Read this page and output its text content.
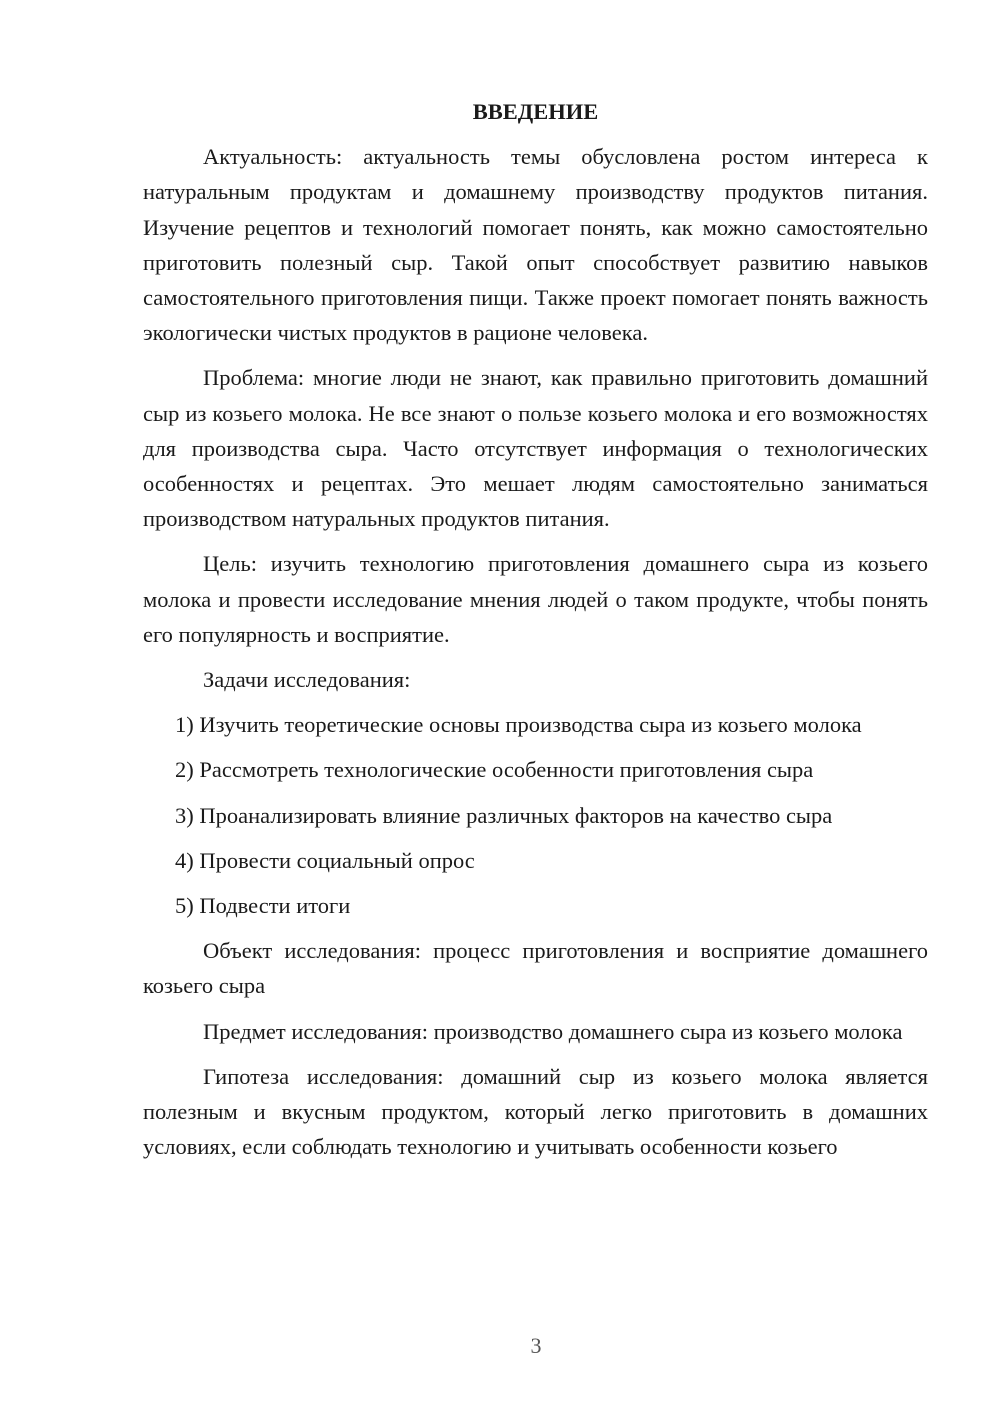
ВВЕДЕНИЕ

Актуальность: актуальность темы обусловлена ростом интереса к натуральным продуктам и домашнему производству продуктов питания. Изучение рецептов и технологий помогает понять, как можно самостоятельно приготовить полезный сыр. Такой опыт способствует развитию навыков самостоятельного приготовления пищи. Также проект помогает понять важность экологически чистых продуктов в рационе человека.

Проблема: многие люди не знают, как правильно приготовить домашний сыр из козьего молока. Не все знают о пользе козьего молока и его возможностях для производства сыра. Часто отсутствует информация о технологических особенностях и рецептах. Это мешает людям самостоятельно заниматься производством натуральных продуктов питания.

Цель: изучить технологию приготовления домашнего сыра из козьего молока и провести исследование мнения людей о таком продукте, чтобы понять его популярность и восприятие.

Задачи исследования:

1) Изучить теоретические основы производства сыра из козьего молока

2) Рассмотреть технологические особенности приготовления сыра

3) Проанализировать влияние различных факторов на качество сыра

4) Провести социальный опрос

5) Подвести итоги

Объект исследования: процесс приготовления и восприятие домашнего козьего сыра

Предмет исследования: производство домашнего сыра из козьего молока

Гипотеза исследования: домашний сыр из козьего молока является полезным и вкусным продуктом, который легко приготовить в домашних условиях, если соблюдать технологию и учитывать особенности козьего

3
